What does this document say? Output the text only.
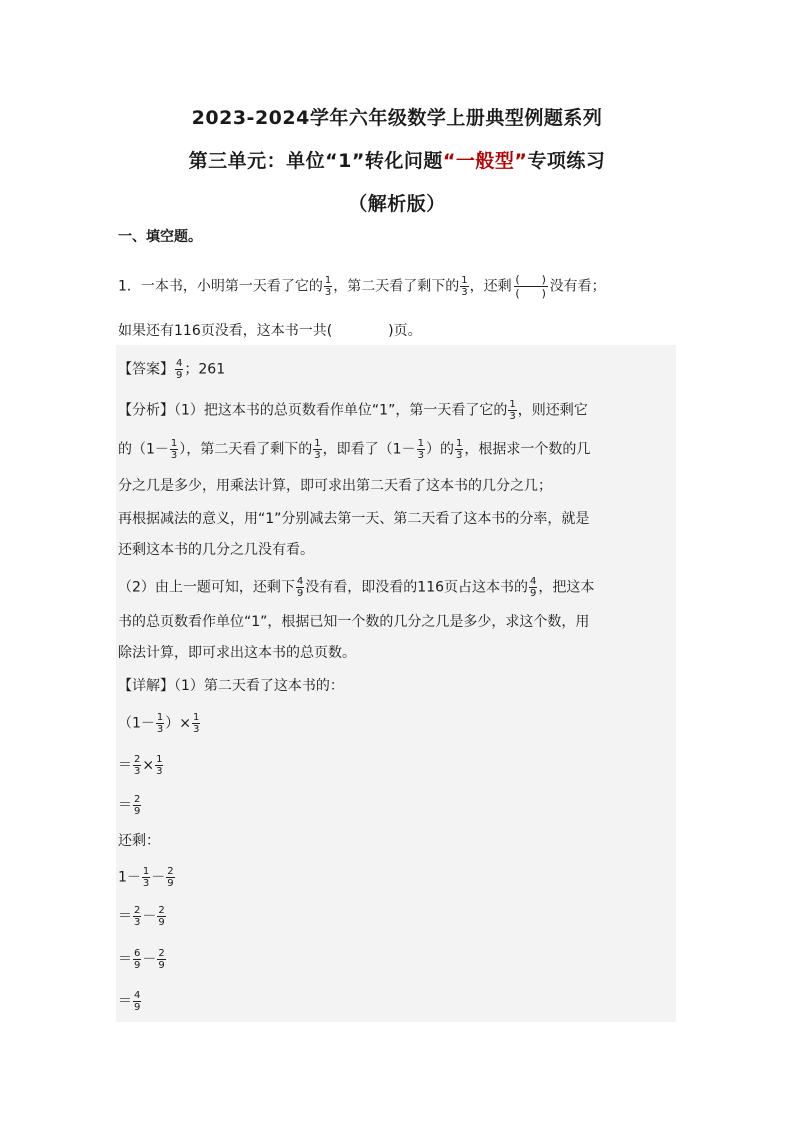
2023-2024学年六年级数学上册典型例题系列
第三单元：单位“1”转化问题“一般型”专项练习
（解析版）
一、填空题。
1．一本书，小明第一天看了它的 $\frac{1}{3}$ ，第二天看了剩下的 $\frac{1}{3}$ ，还剩 (　　)
(　　) 没有看；
如果还有116页没看，这本书一共(　　　　)页。
【答案】 $\frac{4}{9}$ ；261
【分析】（1）把这本书的总页数看作单位“1”，第一天看了它的 $\frac{1}{3}$ ，则还剩它
的（$1- \frac{1}{3}$ ），第二天看了剩下的 $\frac{1}{3}$ ，即看了（$1- \frac{1}{3}$ ）的 $\frac{1}{3}$ ，根据求一个数的几
分之几是多少，用乘法计算，即可求出第二天看了这本书的几分之几；
再根据减法的意义，用“1”分别减去第一天、第二天看了这本书的分率，就是
还剩这本书的几分之几没有看。
（2）由上一题可知，还剩下 $\frac{4}{9}$ 没有看，即没看的116页占这本书的 $\frac{4}{9}$ ，把这本
书的总页数看作单位“1”，根据已知一个数的几分之几是多少，求这个数，用
除法计算，即可求出这本书的总页数。
【详解】（1）第二天看了这本书的：
（$1- \frac{1}{3}$ ）× $\frac{1}{3}$
＝ $\frac{2}{3} \times \frac{1}{3}$
＝ $\frac{2}{9}$
还剩：
$1- \frac{1}{3} - \frac{2}{9}$
＝ $\frac{2}{3} - \frac{2}{9}$
＝ $\frac{6}{9} - \frac{2}{9}$
＝ $\frac{4}{9}$
